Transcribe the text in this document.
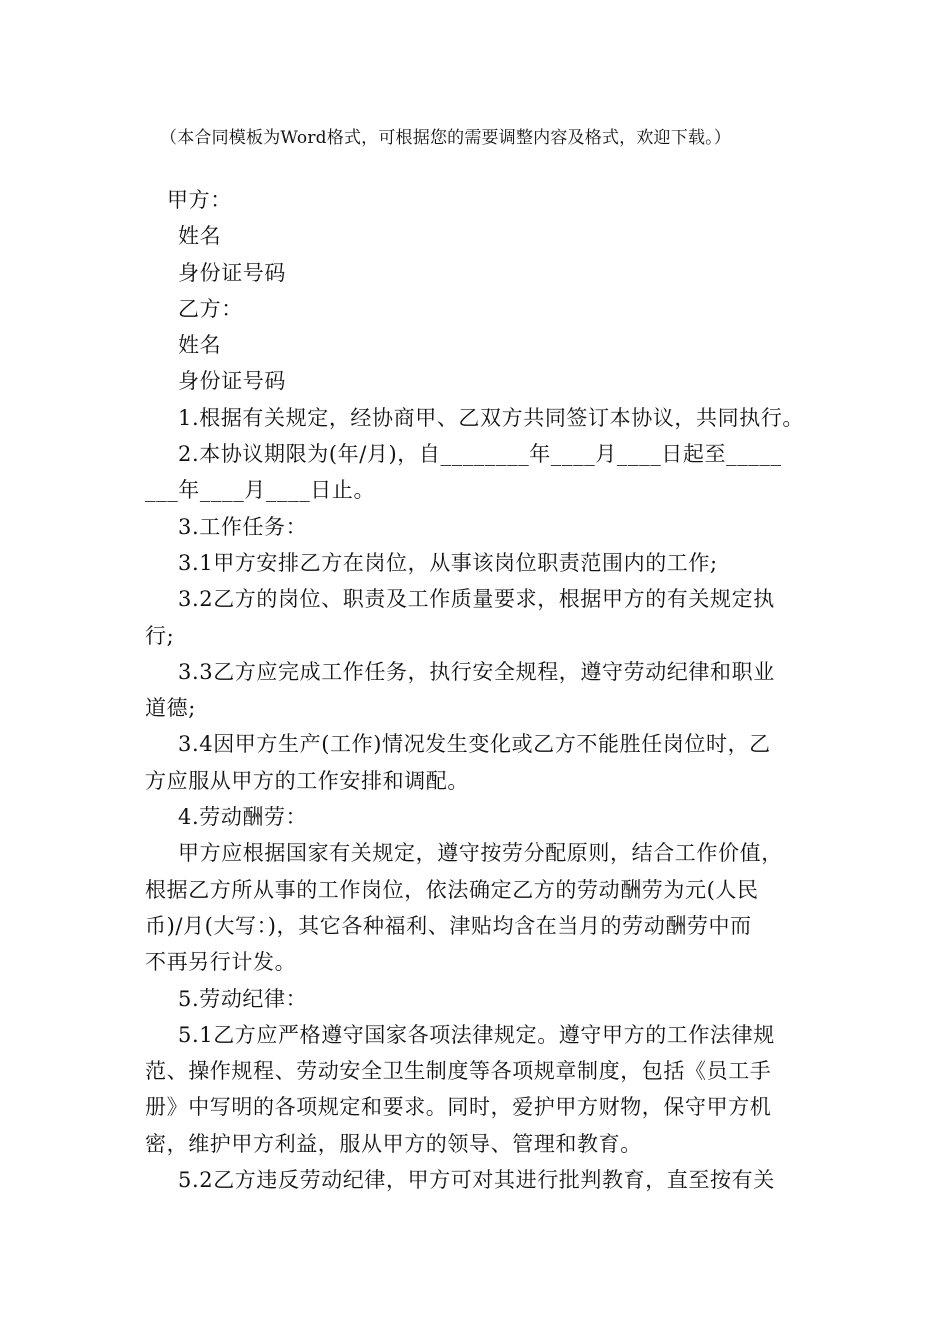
（本合同模板为Word格式，可根据您的需要调整内容及格式，欢迎下载。）
甲方：
姓名
身份证号码
乙方：
姓名
身份证号码
1.根据有关规定，经协商甲、乙双方共同签订本协议，共同执行。
2.本协议期限为(年/月)，自________年____月____日起至_____
___年____月____日止。
3.工作任务：
3.1甲方安排乙方在岗位，从事该岗位职责范围内的工作;
3.2乙方的岗位、职责及工作质量要求，根据甲方的有关规定执
行;
3.3乙方应完成工作任务，执行安全规程，遵守劳动纪律和职业
道德;
3.4因甲方生产(工作)情况发生变化或乙方不能胜任岗位时，乙
方应服从甲方的工作安排和调配。
4.劳动酬劳：
甲方应根据国家有关规定，遵守按劳分配原则，结合工作价值，
根据乙方所从事的工作岗位，依法确定乙方的劳动酬劳为元(人民
币)/月(大写：)，其它各种福利、津贴均含在当月的劳动酬劳中而
不再另行计发。
5.劳动纪律：
5.1乙方应严格遵守国家各项法律规定。遵守甲方的工作法律规
范、操作规程、劳动安全卫生制度等各项规章制度，包括《员工手
册》中写明的各项规定和要求。同时，爱护甲方财物，保守甲方机
密，维护甲方利益，服从甲方的领导、管理和教育。
5.2乙方违反劳动纪律，甲方可对其进行批判教育，直至按有关
